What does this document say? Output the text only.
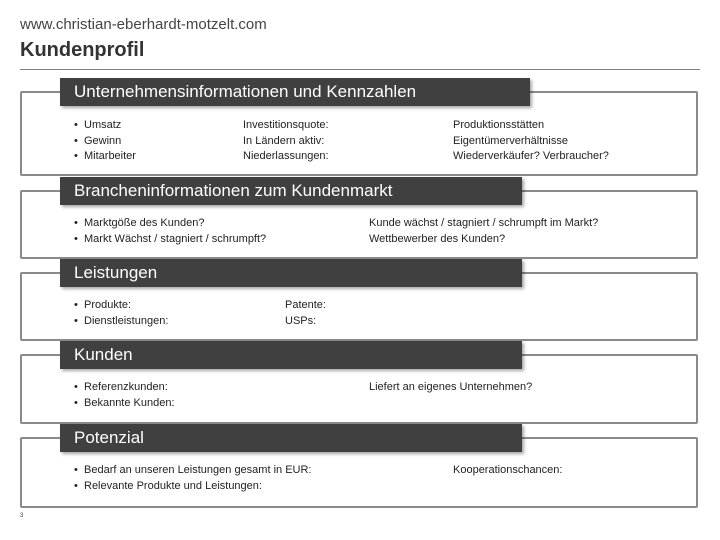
www.christian-eberhardt-motzelt.com
Kundenprofil
Unternehmensinformationen und Kennzahlen
• Umsatz
• Gewinn
• Mitarbeiter
Investitionsquote:
In Ländern aktiv:
Niederlassungen:
Produktionsstätten
Eigentümerverhältnisse
Wiederverkäufer? Verbraucher?
Brancheninformationen zum Kundenmarkt
• Marktgöße des Kunden?
• Markt Wächst / stagniert / schrumpft?
Kunde wächst / stagniert / schrumpft im Markt?
Wettbewerber des Kunden?
Leistungen
• Produkte:
• Dienstleistungen:
Patente:
USPs:
Kunden
• Referenzkunden:
• Bekannte Kunden:
Liefert an eigenes Unternehmen?
Potenzial
• Bedarf an unseren Leistungen gesamt in EUR:
• Relevante Produkte und Leistungen:
Kooperationschancen:
3
